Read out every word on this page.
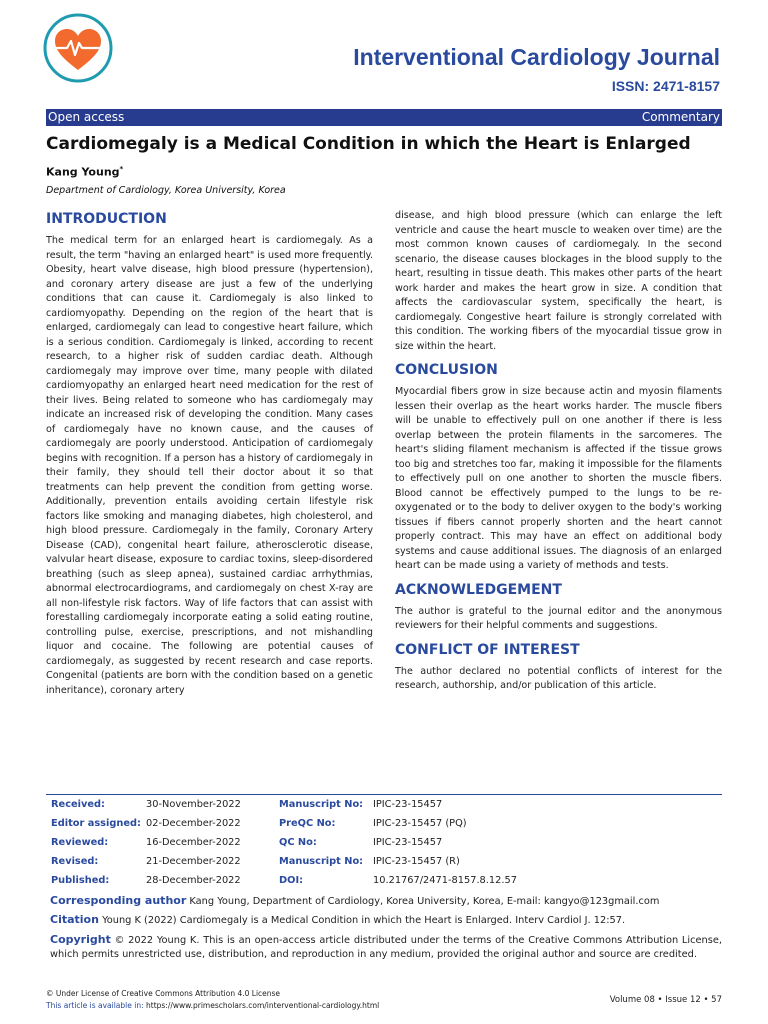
Interventional Cardiology Journal
ISSN: 2471-8157
Open access	Commentary
Cardiomegaly is a Medical Condition in which the Heart is Enlarged
Kang Young*
Department of Cardiology, Korea University, Korea
INTRODUCTION

The medical term for an enlarged heart is cardiomegaly. As a result, the term "having an enlarged heart" is used more frequently. Obesity, heart valve disease, high blood pressure (hypertension), and coronary artery disease are just a few of the underlying conditions that can cause it. Cardiomegaly is also linked to cardiomyopathy. Depending on the region of the heart that is enlarged, cardiomegaly can lead to congestive heart failure, which is a serious condition. Cardiomegaly is linked, according to recent research, to a higher risk of sudden cardiac death. Although cardiomegaly may improve over time, many people with dilated cardiomyopathy an enlarged heart need medication for the rest of their lives. Being related to someone who has cardiomegaly may indicate an increased risk of developing the condition. Many cases of cardiomegaly have no known cause, and the causes of cardiomegaly are poorly understood. Anticipation of cardiomegaly begins with recognition. If a person has a history of cardiomegaly in their family, they should tell their doctor about it so that treatments can help prevent the condition from getting worse. Additionally, prevention entails avoiding certain lifestyle risk factors like smoking and managing diabetes, high cholesterol, and high blood pressure. Cardiomegaly in the family, Coronary Artery Disease (CAD), congenital heart failure, atherosclerotic disease, valvular heart disease, exposure to cardiac toxins, sleep-disordered breathing (such as sleep apnea), sustained cardiac arrhythmias, abnormal electrocardiograms, and cardiomegaly on chest X-ray are all non-lifestyle risk factors. Way of life factors that can assist with forestalling cardiomegaly incorporate eating a solid eating routine, controlling pulse, exercise, prescriptions, and not mishandling liquor and cocaine. The following are potential causes of cardiomegaly, as suggested by recent research and case reports. Congenital (patients are born with the condition based on a genetic inheritance), coronary artery

disease, and high blood pressure (which can enlarge the left ventricle and cause the heart muscle to weaken over time) are the most common known causes of cardiomegaly. In the second scenario, the disease causes blockages in the blood supply to the heart, resulting in tissue death. This makes other parts of the heart work harder and makes the heart grow in size. A condition that affects the cardiovascular system, specifically the heart, is cardiomegaly. Congestive heart failure is strongly correlated with this condition. The working fibers of the myocardial tissue grow in size within the heart.

CONCLUSION

Myocardial fibers grow in size because actin and myosin filaments lessen their overlap as the heart works harder. The muscle fibers will be unable to effectively pull on one another if there is less overlap between the protein filaments in the sarcomeres. The heart's sliding filament mechanism is affected if the tissue grows too big and stretches too far, making it impossible for the filaments to effectively pull on one another to shorten the muscle fibers. Blood cannot be effectively pumped to the lungs to be re-oxygenated or to the body to deliver oxygen to the body's working tissues if fibers cannot properly shorten and the heart cannot properly contract. This may have an effect on additional body systems and cause additional issues. The diagnosis of an enlarged heart can be made using a variety of methods and tests.

ACKNOWLEDGEMENT

The author is grateful to the journal editor and the anonymous reviewers for their helpful comments and suggestions.

CONFLICT OF INTEREST

The author declared no potential conflicts of interest for the research, authorship, and/or publication of this article.

Received:	30-November-2022	Manuscript No: IPIC-23-15457
Editor assigned: 02-December-2022	PreQC No:	IPIC-23-15457 (PQ)
Reviewed:	16-December-2022	QC No:	IPIC-23-15457
Revised:	21-December-2022	Manuscript No: IPIC-23-15457 (R)
Published:	28-December-2022	DOI:	10.21767/2471-8157.8.12.57
Corresponding author Kang Young, Department of Cardiology, Korea University, Korea, E-mail: kangyo@123gmail.com
Citation Young K (2022) Cardiomegaly is a Medical Condition in which the Heart is Enlarged. Interv Cardiol J. 12:57.
Copyright © 2022 Young K. This is an open-access article distributed under the terms of the Creative Commons Attribution License, which permits unrestricted use, distribution, and reproduction in any medium, provided the original author and source are credited.
© Under License of Creative Commons Attribution 4.0 License
This article is available in: https://www.primescholars.com/interventional-cardiology.html
Volume 08 • Issue 12 • 57
